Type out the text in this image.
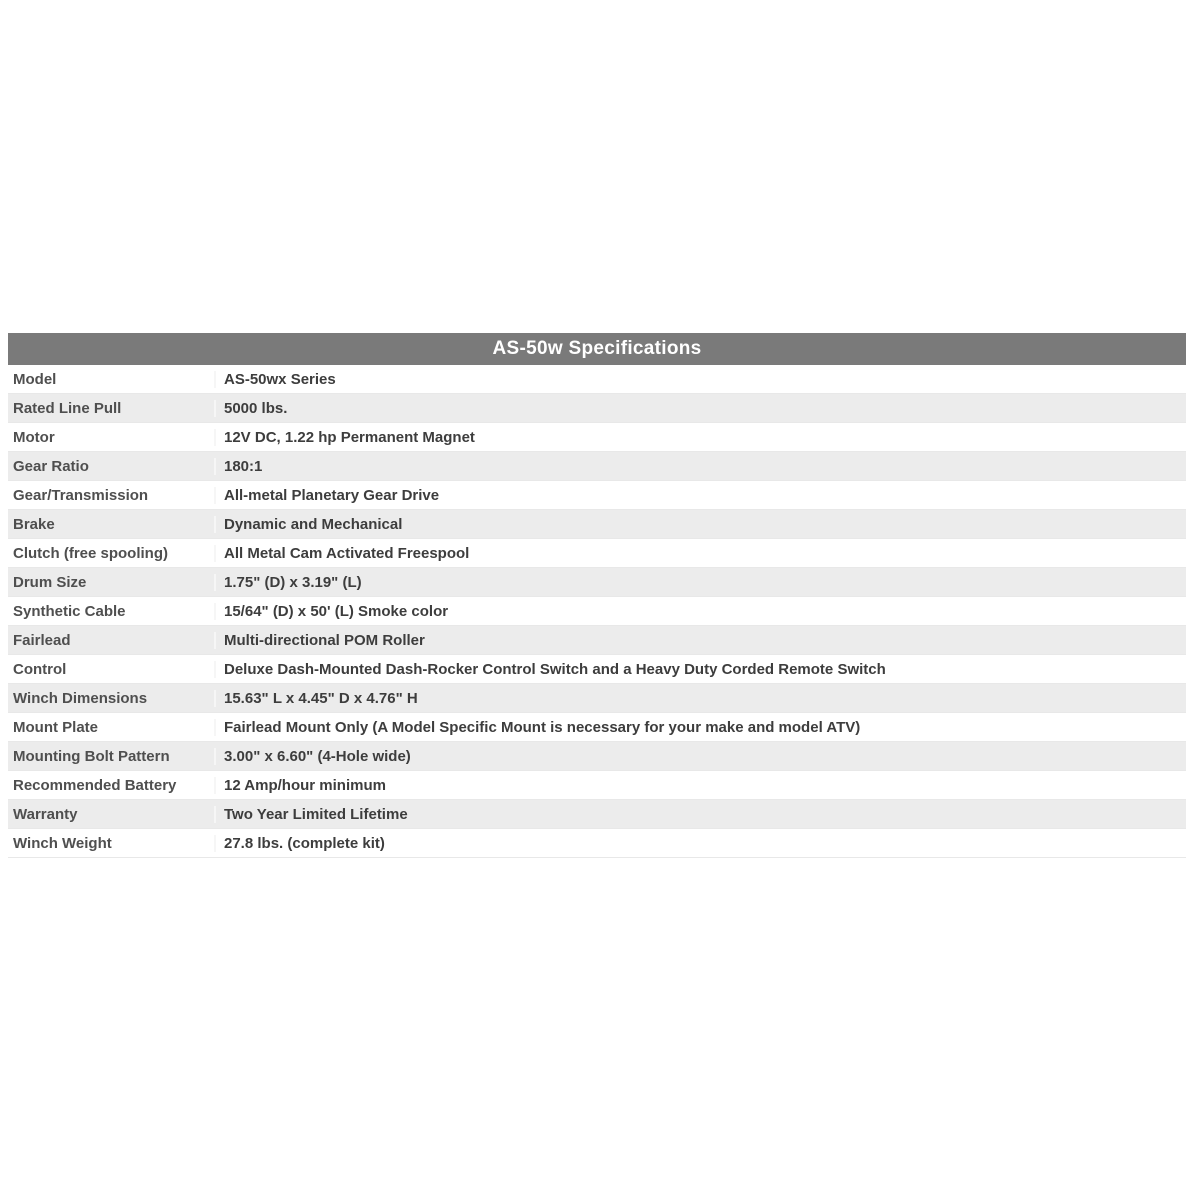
AS-50w Specifications
Model	AS-50wx Series
Rated Line Pull	5000 lbs.
Motor	12V DC, 1.22 hp Permanent Magnet
Gear Ratio	180:1
Gear/Transmission	All-metal Planetary Gear Drive
Brake	Dynamic and Mechanical
Clutch (free spooling)	All Metal Cam Activated Freespool
Drum Size	1.75" (D) x 3.19" (L)
Synthetic Cable	15/64" (D) x 50' (L) Smoke color
Fairlead	Multi-directional POM Roller
Control	Deluxe Dash-Mounted Dash-Rocker Control Switch and a Heavy Duty Corded Remote Switch
Winch Dimensions	15.63" L x 4.45" D x 4.76" H
Mount Plate	Fairlead Mount Only (A Model Specific Mount is necessary for your make and model ATV)
Mounting Bolt Pattern	3.00" x 6.60" (4-Hole wide)
Recommended Battery	12 Amp/hour minimum
Warranty	Two Year Limited Lifetime
Winch Weight	27.8 lbs. (complete kit)
